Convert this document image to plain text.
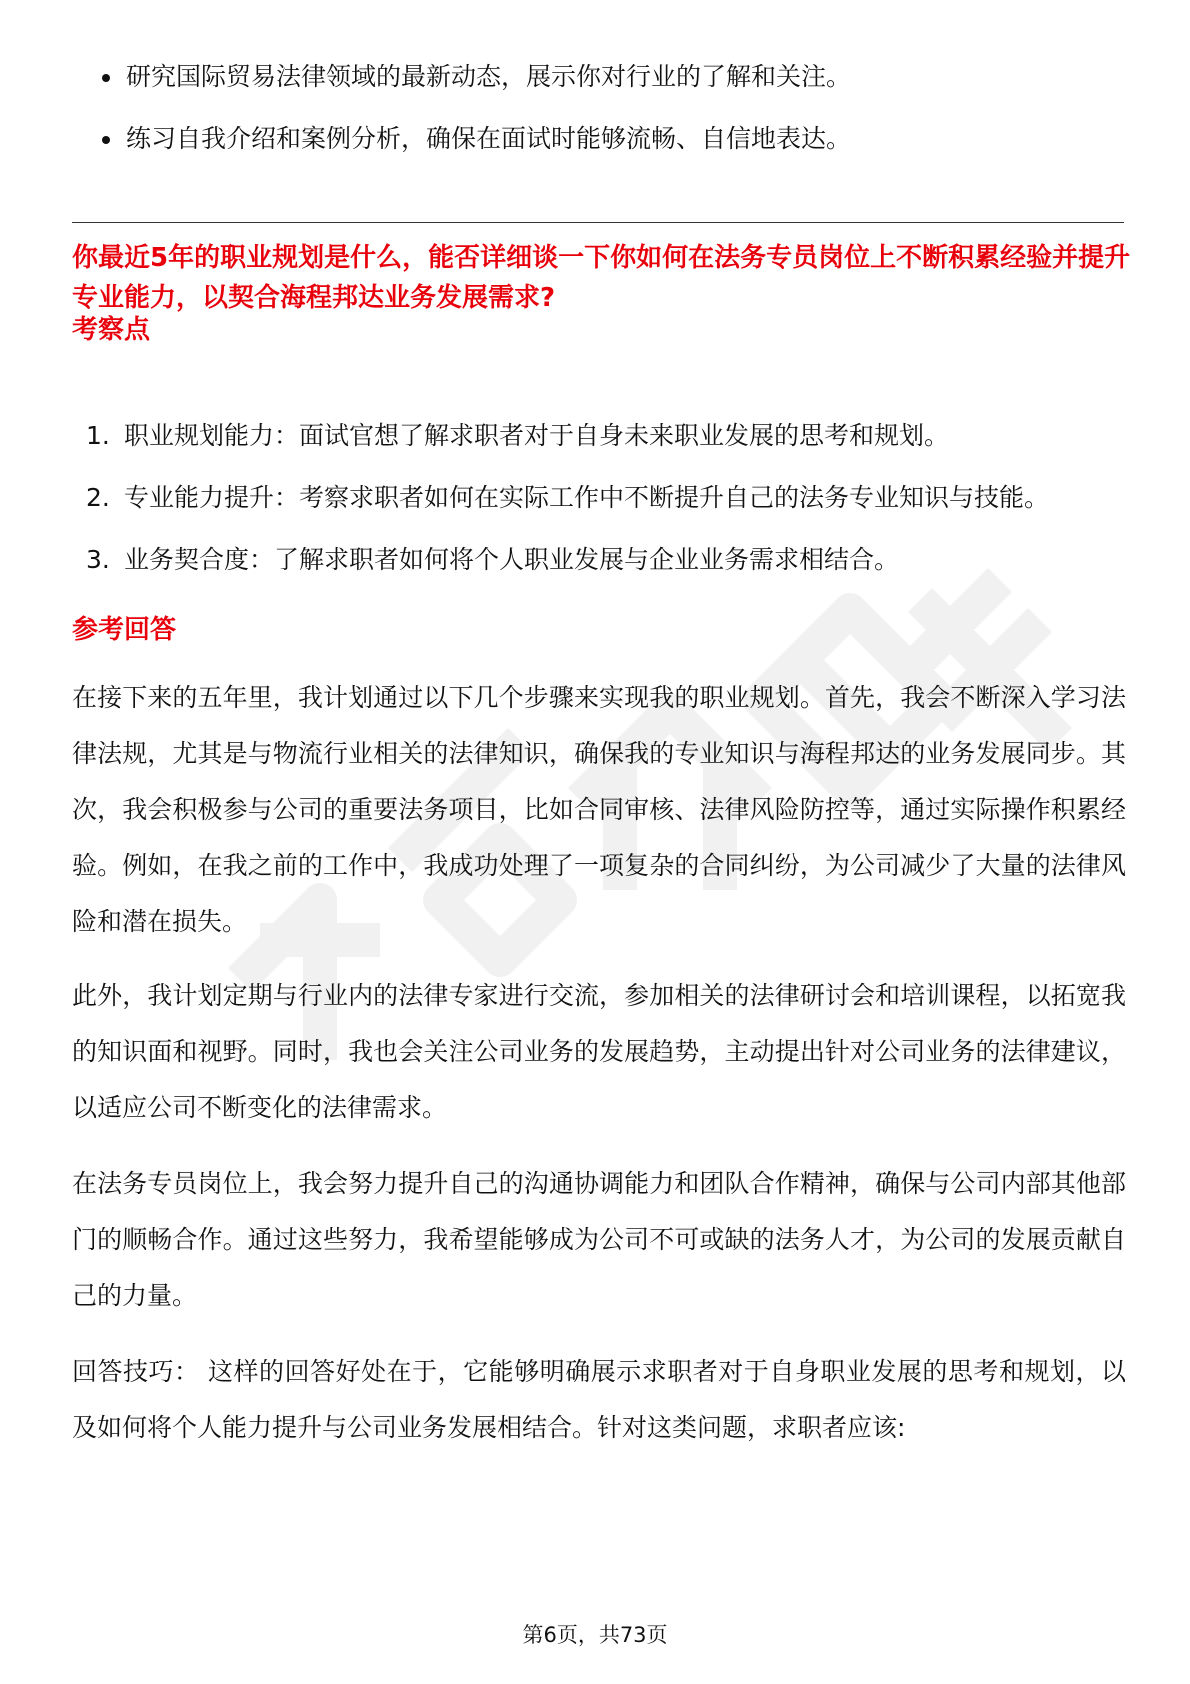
研究国际贸易法律领域的最新动态，展示你对行业的了解和关注。
练习自我介绍和案例分析，确保在面试时能够流畅、自信地表达。

你最近5年的职业规划是什么，能否详细谈一下你如何在法务专员岗位上不断积累经验并提升专业能力，以契合海程邦达业务发展需求?

考察点

1. 职业规划能力：面试官想了解求职者对于自身未来职业发展的思考和规划。
2. 专业能力提升：考察求职者如何在实际工作中不断提升自己的法务专业知识与技能。
3. 业务契合度：了解求职者如何将个人职业发展与企业业务需求相结合。

参考回答

在接下来的五年里，我计划通过以下几个步骤来实现我的职业规划。首先，我会不断深入学习法律法规，尤其是与物流行业相关的法律知识，确保我的专业知识与海程邦达的业务发展同步。其次，我会积极参与公司的重要法务项目，比如合同审核、法律风险防控等，通过实际操作积累经验。例如，在我之前的工作中，我成功处理了一项复杂的合同纠纷，为公司减少了大量的法律风险和潜在损失。

此外，我计划定期与行业内的法律专家进行交流，参加相关的法律研讨会和培训课程，以拓宽我的知识面和视野。同时，我也会关注公司业务的发展趋势，主动提出针对公司业务的法律建议，以适应公司不断变化的法律需求。

在法务专员岗位上，我会努力提升自己的沟通协调能力和团队合作精神，确保与公司内部其他部门的顺畅合作。通过这些努力，我希望能够成为公司不可或缺的法务人才，为公司的发展贡献自己的力量。

回答技巧： 这样的回答好处在于，它能够明确展示求职者对于自身职业发展的思考和规划，以及如何将个人能力提升与公司业务发展相结合。针对这类问题，求职者应该:

第6页，共73页
